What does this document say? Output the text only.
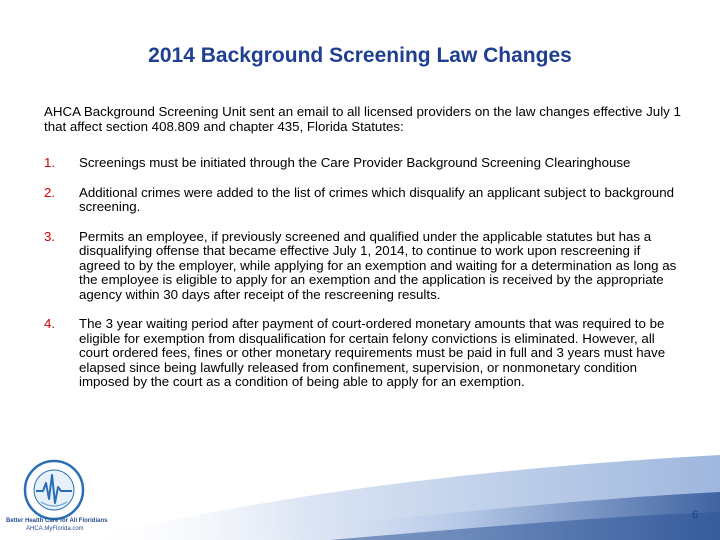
2014 Background Screening Law Changes
AHCA Background Screening Unit sent an email to all licensed providers on the law changes effective July 1 that affect section 408.809 and chapter 435, Florida Statutes:
1. Screenings must be initiated through the Care Provider Background Screening Clearinghouse
2. Additional crimes were added to the list of crimes which disqualify an applicant subject to background screening.
3. Permits an employee, if previously screened and qualified under the applicable statutes but has a disqualifying offense that became effective July 1, 2014, to continue to work upon rescreening if agreed to by the employer, while applying for an exemption and waiting for a determination as long as the employee is eligible to apply for an exemption and the application is received by the appropriate agency within 30 days after receipt of the rescreening results.
4. The 3 year waiting period after payment of court-ordered monetary amounts that was required to be eligible for exemption from disqualification for certain felony convictions is eliminated. However, all court ordered fees, fines or other monetary requirements must be paid in full and 3 years must have elapsed since being lawfully released from confinement, supervision, or nonmonetary condition imposed by the court as a condition of being able to apply for an exemption.
Better Health Care for All Floridians
AHCA.MyFlorida.com
6
